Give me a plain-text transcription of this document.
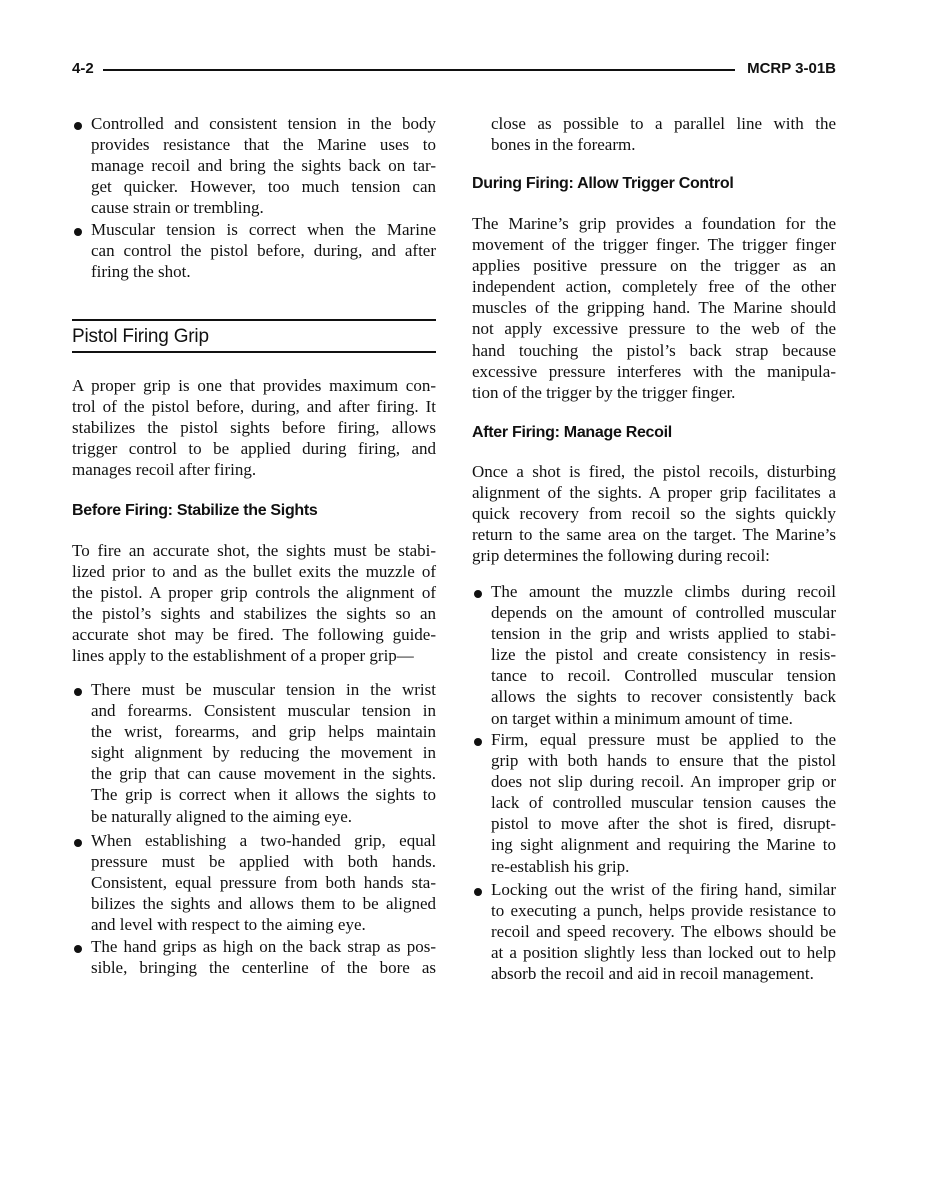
4-2	MCRP 3-01B
Controlled and consistent tension in the body
provides resistance that the Marine uses to
manage recoil and bring the sights back on tar-
get quicker. However, too much tension can
cause strain or trembling.
Muscular tension is correct when the Marine
can control the pistol before, during, and after
firing the shot.
Pistol Firing Grip
A proper grip is one that provides maximum con-
trol of the pistol before, during, and after firing. It
stabilizes the pistol sights before firing, allows
trigger control to be applied during firing, and
manages recoil after firing.
Before Firing: Stabilize the Sights
To fire an accurate shot, the sights must be stabi-
lized prior to and as the bullet exits the muzzle of
the pistol. A proper grip controls the alignment of
the pistol’s sights and stabilizes the sights so an
accurate shot may be fired. The following guide-
lines apply to the establishment of a proper grip—
There must be muscular tension in the wrist
and forearms. Consistent muscular tension in
the wrist, forearms, and grip helps maintain
sight alignment by reducing the movement in
the grip that can cause movement in the sights.
The grip is correct when it allows the sights to
be naturally aligned to the aiming eye.
When establishing a two-handed grip, equal
pressure must be applied with both hands.
Consistent, equal pressure from both hands sta-
bilizes the sights and allows them to be aligned
and level with respect to the aiming eye.
The hand grips as high on the back strap as pos-
sible, bringing the centerline of the bore as
close as possible to a parallel line with the
bones in the forearm.
During Firing: Allow Trigger Control
The Marine’s grip provides a foundation for the
movement of the trigger finger. The trigger finger
applies positive pressure on the trigger as an
independent action, completely free of the other
muscles of the gripping hand. The Marine should
not apply excessive pressure to the web of the
hand touching the pistol’s back strap because
excessive pressure interferes with the manipula-
tion of the trigger by the trigger finger.
After Firing: Manage Recoil
Once a shot is fired, the pistol recoils, disturbing
alignment of the sights. A proper grip facilitates a
quick recovery from recoil so the sights quickly
return to the same area on the target. The Marine’s
grip determines the following during recoil:
The amount the muzzle climbs during recoil
depends on the amount of controlled muscular
tension in the grip and wrists applied to stabi-
lize the pistol and create consistency in resis-
tance to recoil. Controlled muscular tension
allows the sights to recover consistently back
on target within a minimum amount of time.
Firm, equal pressure must be applied to the
grip with both hands to ensure that the pistol
does not slip during recoil. An improper grip or
lack of controlled muscular tension causes the
pistol to move after the shot is fired, disrupt-
ing sight alignment and requiring the Marine to
re-establish his grip.
Locking out the wrist of the firing hand, similar
to executing a punch, helps provide resistance to
recoil and speed recovery. The elbows should be
at a position slightly less than locked out to help
absorb the recoil and aid in recoil management.
